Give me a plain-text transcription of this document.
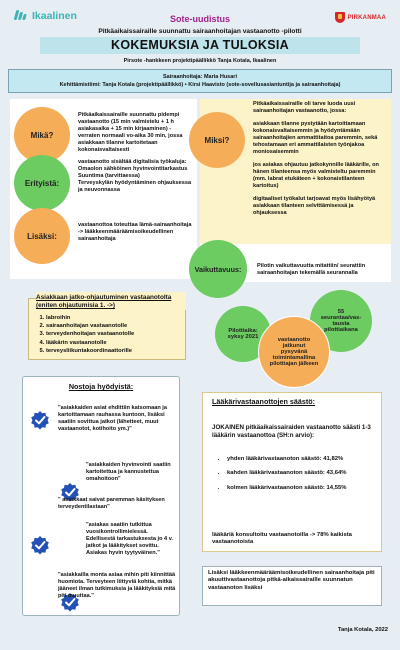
Ikaalinen	Sote-uudistus	PIRKANMAA
Pitkäaikaissairaille suunnattu sairaanhoitajan vastaanotto -pilotti
KOKEMUKSIA JA TULOKSIA
Pirsote -hankkeen projektipäällikkö Tanja Kotala, Ikaalinen
Sairaanhoitaja: Maria Husari
Kehittämistiimi: Tanja Kotala (projektipäällikkö) • Kirsi Haavisto (sote-sovellusasiantuntija ja sairaanhoitaja)
Mikä?
Pitkäaikaissairaille suunnattu pidempi vastaanotto (15 min valmistelu + 1 h asiakasaika + 15 min kirjaaminen) -verraten normaali vo-aika 30 min, jossa asiakkaan tilanne kartoitetaan kokonaisvaltaisesti
Erityistä:
vastaanotto sisältää digitalisia työkaluja:
Omaolon sähköinen hyvinvointitarkastus
Suuntima (tarvittaessa)
Terveyskylän hyödyntäminen ohjauksessa ja neuvonnassa
Lisäksi:
vastaanottoa toteuttaa lämä-sairaanhoitaja -> lääkkeenmääräämisoikeudellinen sairaanhoitaja
Miksi?
Pitkäaikaissairaille oli tarve luoda uusi sairaanhoitajan vastaanotto, jossa:
asiakkaan tilanne pystytään kartoittamaan kokonaisvaltaisemmin ja hyödyntämään sairaanhoitajien ammattitaitoa paremmin, sekä tehostamaan eri ammattilaisten työnjakoa moniosaisemmin
jos asiakas ohjautuu jatkokynnille lääkärille, on hänen tilanteensa myös valmisteltu paremmin (mm. labrat etukäteen + kokonaistilanteen kartoitus)
digitaaliset työkalut tarjoavat myös lisähyötyä asiakkaan tilanteen selvittämisessä ja ohjauksessa
Vaikuttavuus:	Pilotin vaikuttavuutta mitattiin/ seurattiin sairaanhoitajan tekemällä seurannalla
Asiakkaan jatko-ohjautuminen vastaanotolta (eniten ohjautumisia 1. ->)
1. labroihin
2. sairaanhoitajan vastaanotolle
3. terveydenhoitajan vastaanotolle
4. lääkärin vastaanotolle
5. terveysliikuntakoordinaattorille
Pilottiaika: syksy 2021
55 seurantaa/vas-tausta pilottiaikana
vastaanotto jatkunut pysyvänä toimintamallina pilottiajan jälkeen
Nostoja hyödyistä:
"asiakkaiden asiat ehdittiin katsomaan ja kartoittamaan rauhassa kuntoon, lisäksi saatiin sovittua jatkot (lähetteet, muut vastaanotot, kotihoito ym.)"
"asiakkaiden hyvinvointi saatiin kartoitettua ja kannustettua omahoitoon"
" asiakkaat saivat paremman käsityksen terveydentilastaan"
"asiakas saatiin tutkittua vuosikontrollimielessä. Edellisestä tarkastuksesta jo 4 v. jatkot ja lääkitykset sovittu. Asiakas hyvin tyytyväinen."
"asiakkailla monta asiaa mihin piti kiinnittää huomiota. Terveyteen liittyviä kohtia, mitkä jääneet ilman tutkimuksia ja lääkityksiä mitä piti muuttaa."
Lääkärivastaanottojen säästö:
JOKAINEN pitkäaikaissairaiden vastaanotto säästi 1-3 lääkärin vastaanottoa (SH:n arvio):
• yhden lääkärivastaanoton säästö: 41,82%
• kahden lääkärivastaanoton säästö: 43,64%
• kolmen lääkärivastaanoton säästö: 14,55%
lääkäriä konsultoitu vastaanotoilla -> 78% kaikista vastaanotoista
Lisäksi lääkkeenmääräämisoikeudellinen sairaanhoitaja piti akuuttivastaanottoja pitkä-aikaissairaille suunnatun vastaanoton lisäksi
Tanja Kotala, 2022
